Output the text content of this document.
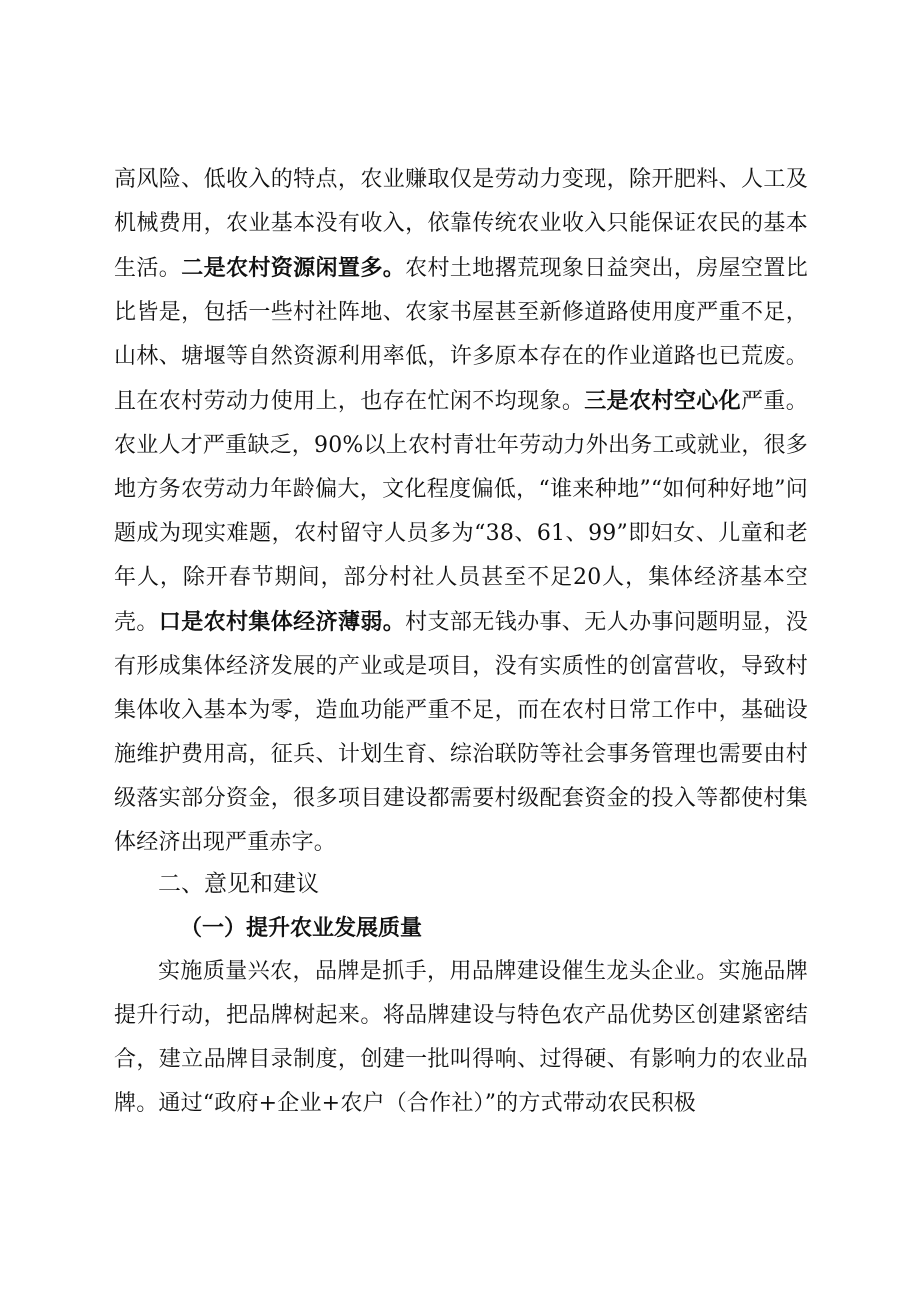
高风险、低收入的特点，农业赚取仅是劳动力变现，除开肥料、人工及机械费用，农业基本没有收入，依靠传统农业收入只能保证农民的基本生活。二是农村资源闲置多。农村土地撂荒现象日益突出，房屋空置比比皆是，包括一些村社阵地、农家书屋甚至新修道路使用度严重不足，山林、塘堰等自然资源利用率低，许多原本存在的作业道路也已荒废。且在农村劳动力使用上，也存在忙闲不均现象。三是农村空心化严重。农业人才严重缺乏，90%以上农村青壮年劳动力外出务工或就业，很多地方务农劳动力年龄偏大，文化程度偏低，“谁来种地”“如何种好地”问题成为现实难题，农村留守人员多为“38、61、99”即妇女、儿童和老年人，除开春节期间，部分村社人员甚至不足20人，集体经济基本空壳。口是农村集体经济薄弱。村支部无钱办事、无人办事问题明显，没有形成集体经济发展的产业或是项目，没有实质性的创富营收，导致村集体收入基本为零，造血功能严重不足，而在农村日常工作中，基础设施维护费用高，征兵、计划生育、综治联防等社会事务管理也需要由村级落实部分资金，很多项目建设都需要村级配套资金的投入等都使村集体经济出现严重赤字。

二、意见和建议
（一）提升农业发展质量

实施质量兴农，品牌是抓手，用品牌建设催生龙头企业。实施品牌提升行动，把品牌树起来。将品牌建设与特色农产品优势区创建紧密结合，建立品牌目录制度，创建一批叫得响、过得硬、有影响力的农业品牌。通过“政府+企业+农户（合作社）”的方式带动农民积极
